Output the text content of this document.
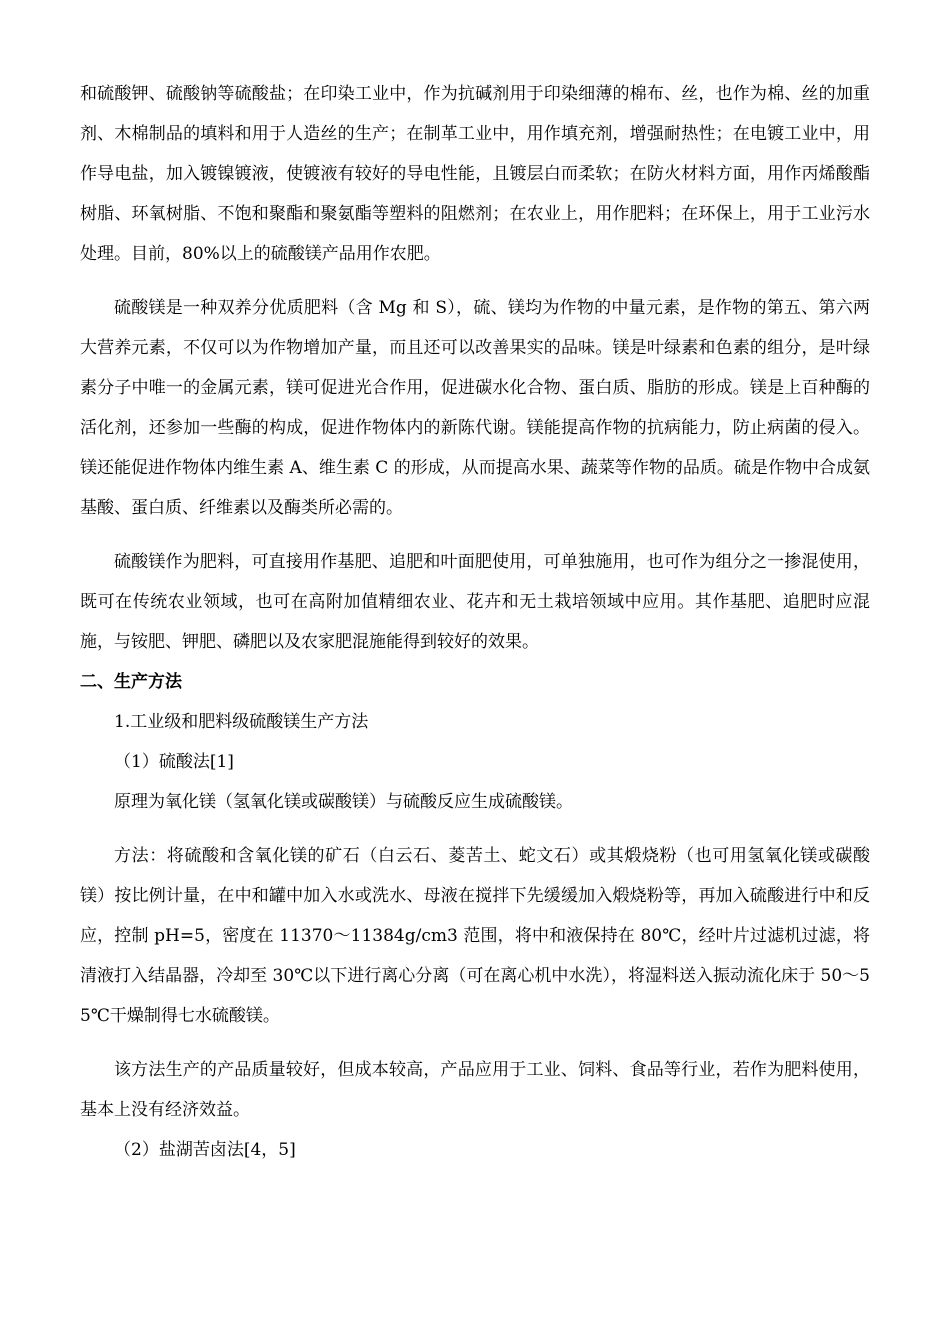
和硫酸钾、硫酸钠等硫酸盐；在印染工业中，作为抗碱剂用于印染细薄的棉布、丝，也作为棉、丝的加重剂、木棉制品的填料和用于人造丝的生产；在制革工业中，用作填充剂，增强耐热性；在电镀工业中，用作导电盐，加入镀镍镀液，使镀液有较好的导电性能，且镀层白而柔软；在防火材料方面，用作丙烯酸酯树脂、环氧树脂、不饱和聚酯和聚氨酯等塑料的阻燃剂；在农业上，用作肥料；在环保上，用于工业污水处理。目前，80%以上的硫酸镁产品用作农肥。

硫酸镁是一种双养分优质肥料（含 Mg 和 S），硫、镁均为作物的中量元素，是作物的第五、第六两大营养元素，不仅可以为作物增加产量，而且还可以改善果实的品味。镁是叶绿素和色素的组分，是叶绿素分子中唯一的金属元素，镁可促进光合作用，促进碳水化合物、蛋白质、脂肪的形成。镁是上百种酶的活化剂，还参加一些酶的构成，促进作物体内的新陈代谢。镁能提高作物的抗病能力，防止病菌的侵入。镁还能促进作物体内维生素 A、维生素 C 的形成，从而提高水果、蔬菜等作物的品质。硫是作物中合成氨基酸、蛋白质、纤维素以及酶类所必需的。

硫酸镁作为肥料，可直接用作基肥、追肥和叶面肥使用，可单独施用，也可作为组分之一掺混使用，既可在传统农业领域，也可在高附加值精细农业、花卉和无土栽培领域中应用。其作基肥、追肥时应混施，与铵肥、钾肥、磷肥以及农家肥混施能得到较好的效果。

二、生产方法

1.工业级和肥料级硫酸镁生产方法

（1）硫酸法[1]

原理为氧化镁（氢氧化镁或碳酸镁）与硫酸反应生成硫酸镁。

方法：将硫酸和含氧化镁的矿石（白云石、菱苦土、蛇文石）或其煅烧粉（也可用氢氧化镁或碳酸镁）按比例计量，在中和罐中加入水或洗水、母液在搅拌下先缓缓加入煅烧粉等，再加入硫酸进行中和反应，控制 pH=5，密度在 11370～11384g/cm3 范围，将中和液保持在 80℃，经叶片过滤机过滤，将清液打入结晶器，冷却至 30℃以下进行离心分离（可在离心机中水洗），将湿料送入振动流化床于 50～55℃干燥制得七水硫酸镁。

该方法生产的产品质量较好，但成本较高，产品应用于工业、饲料、食品等行业，若作为肥料使用，基本上没有经济效益。

（2）盐湖苦卤法[4，5]
